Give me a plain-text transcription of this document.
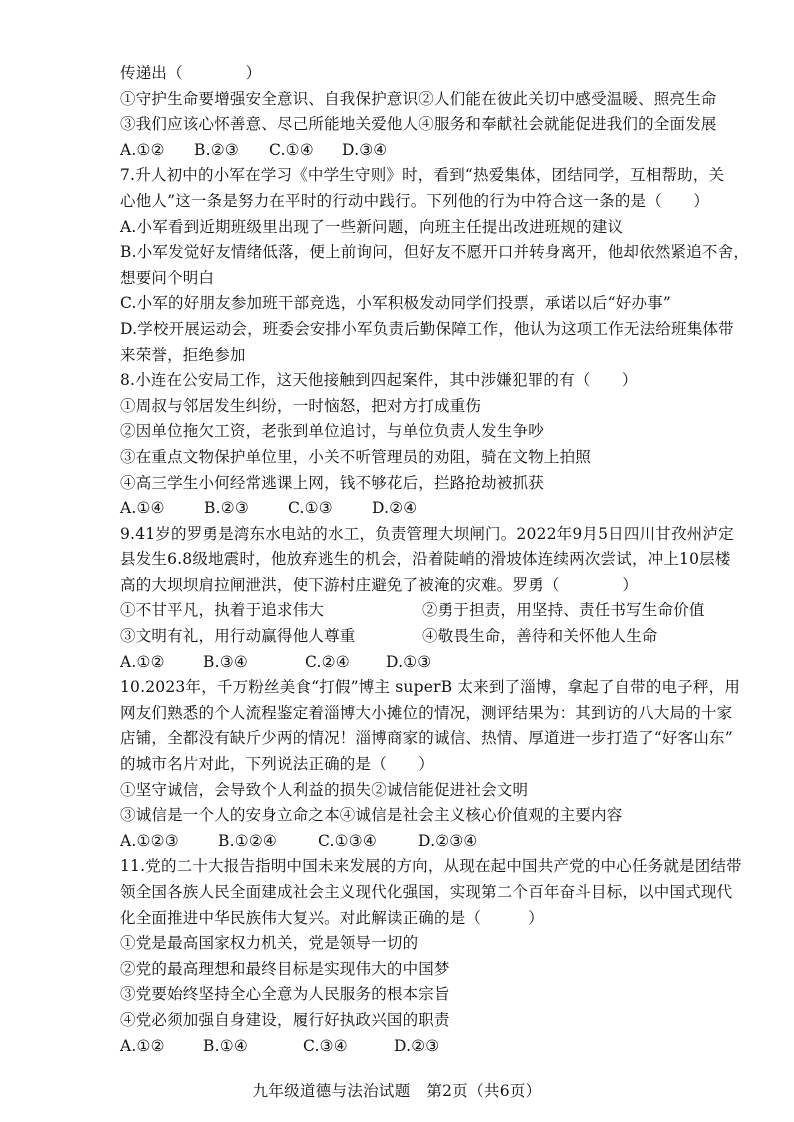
传递出（　　　　）
①守护生命要增强安全意识、自我保护意识②人们能在彼此关切中感受温暖、照亮生命
③我们应该心怀善意、尽己所能地关爱他人④服务和奉献社会就能促进我们的全面发展
A.①②	B.②③	C.①④	D.③④
7.升人初中的小军在学习《中学生守则》时，看到“热爱集体，团结同学，互相帮助，关
心他人”这一条是努力在平时的行动中践行。下列他的行为中符合这一条的是（　　）
A.小军看到近期班级里出现了一些新问题，向班主任提出改进班规的建议
B.小军发觉好友情绪低落，便上前询问，但好友不愿开口并转身离开，他却依然紧追不舍，
想要问个明白
C.小军的好朋友参加班干部竞选，小军积极发动同学们投票，承诺以后“好办事”
D.学校开展运动会，班委会安排小军负责后勤保障工作，他认为这项工作无法给班集体带
来荣誉，拒绝参加
8.小连在公安局工作，这天他接触到四起案件，其中涉嫌犯罪的有（　　）
①周叔与邻居发生纠纷，一时恼怒，把对方打成重伤
②因单位拖欠工资，老张到单位追讨，与单位负责人发生争吵
③在重点文物保护单位里，小关不听管理员的劝阻，骑在文物上拍照
④高三学生小何经常逃课上网，钱不够花后，拦路抢劫被抓获
A.①④	B.②③	C.①③	D.②④
9.41岁的罗勇是湾东水电站的水工，负责管理大坝闸门。2022年9月5日四川甘孜州泸定
县发生6.8级地震时，他放弃逃生的机会，沿着陡峭的滑坡体连续两次尝试，冲上10层楼
高的大坝坝肩拉闸泄洪，使下游村庄避免了被淹的灾难。罗勇（　　　　）
①不甘平凡，执着于追求伟大	②勇于担责，用坚持、责任书写生命价值
③文明有礼，用行动赢得他人尊重	④敬畏生命，善待和关怀他人生命
A.①②	B.③④	C.②④	D.①③
10.2023年，千万粉丝美食“打假”博主 superB 太来到了淄博，拿起了自带的电子秤，用
网友们熟悉的个人流程鉴定着淄博大小摊位的情况，测评结果为：其到访的八大局的十家
店铺，全都没有缺斤少两的情况！淄博商家的诚信、热情、厚道进一步打造了“好客山东”
的城市名片对此，下列说法正确的是（　　）
①坚守诚信，会导致个人利益的损失②诚信能促进社会文明
③诚信是一个人的安身立命之本④诚信是社会主义核心价值观的主要内容
A.①②③	B.①②④	C.①③④	D.②③④
11.党的二十大报告指明中国未来发展的方向，从现在起中国共产党的中心任务就是团结带
领全国各族人民全面建成社会主义现代化强国，实现第二个百年奋斗目标，以中国式现代
化全面推进中华民族伟大复兴。对此解读正确的是（　　　）
①党是最高国家权力机关，党是领导一切的
②党的最高理想和最终目标是实现伟大的中国梦
③党要始终坚持全心全意为人民服务的根本宗旨
④党必须加强自身建设，履行好执政兴国的职责
A.①②	B.①④	C.③④	D.②③
九年级道德与法治试题　第2页（共6页）
